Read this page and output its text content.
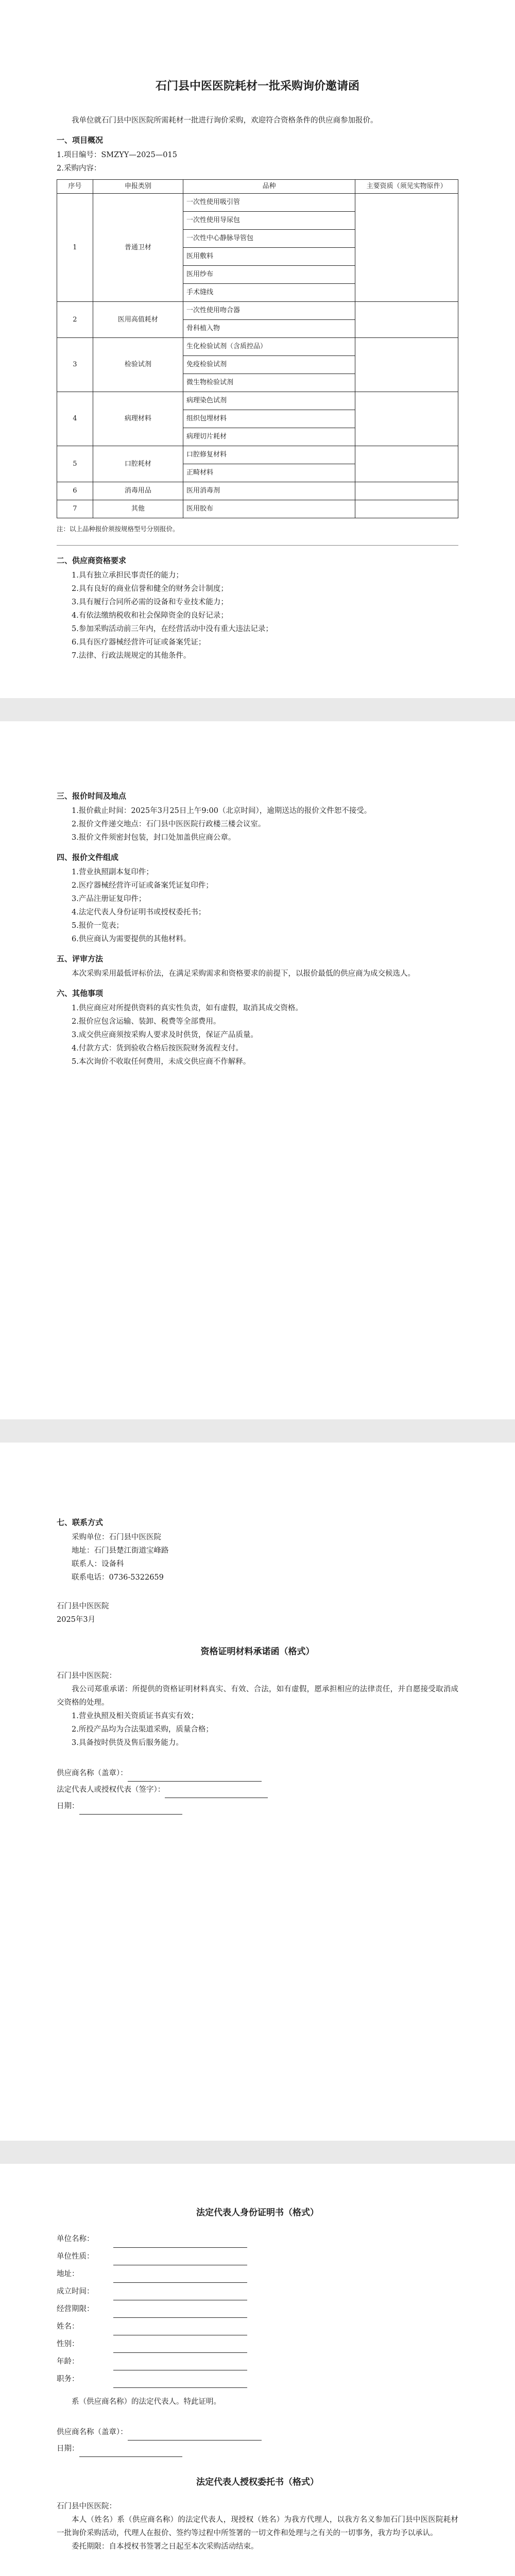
石门县中医医院耗材一批采购询价邀请函

我单位就石门县中医医院所需耗材一批进行询价采购，欢迎符合资格条件的供应商参加报价。

一、项目概况

1.项目编号：SMZYY—2025—015

2.采购内容：

序号	申报类别	品种	主要资质（须见实物原件）
1	普通卫材	一次性使用吸引管	
		一次性使用导尿包	
		一次性中心静脉导管包	
		医用敷料	
		医用纱布	
		手术缝线	
2	医用高值耗材	一次性使用吻合器	
		骨科植入物	
3	检验试剂	生化检验试剂（含质控品）	
		免疫检验试剂	
		微生物检验试剂	
4	病理材料	病理染色试剂	
		组织包埋材料	
		病理切片耗材	
5	口腔耗材	口腔修复材料	
		正畸材料	
6	消毒用品	医用消毒剂	
7	其他	医用胶布	

注：以上品种报价须按规格型号分别报价。

二、供应商资格要求

1.具有独立承担民事责任的能力；

2.具有良好的商业信誉和健全的财务会计制度；

3.具有履行合同所必需的设备和专业技术能力；

4.有依法缴纳税收和社会保障资金的良好记录；

5.参加采购活动前三年内，在经营活动中没有重大违法记录；

6.具有医疗器械经营许可证或备案凭证；

7.法律、行政法规规定的其他条件。

三、报价时间及地点

1.报价截止时间：2025年3月25日上午9:00（北京时间），逾期送达的报价文件恕不接受。

2.报价文件递交地点：石门县中医医院行政楼三楼会议室。

3.报价文件须密封包装，封口处加盖供应商公章。

四、报价文件组成

1.营业执照副本复印件；

2.医疗器械经营许可证或备案凭证复印件；

3.产品注册证复印件；

4.法定代表人身份证明书或授权委托书；

5.报价一览表；

6.供应商认为需要提供的其他材料。

五、评审方法

本次采购采用最低评标价法，在满足采购需求和资格要求的前提下，以报价最低的供应商为成交候选人。

六、其他事项

1.供应商应对所提供资料的真实性负责，如有虚假，取消其成交资格。

2.报价应包含运输、装卸、税费等全部费用。

3.成交供应商须按采购人要求及时供货，保证产品质量。

4.付款方式：货到验收合格后按医院财务流程支付。

5.本次询价不收取任何费用，未成交供应商不作解释。

七、联系方式

采购单位：石门县中医医院

地址：石门县楚江街道宝峰路

联系人：设备科

联系电话：0736-5322659

石门县中医医院

2025年3月

资格证明材料承诺函（格式）

石门县中医医院：

我公司郑重承诺：所提供的资格证明材料真实、有效、合法，如有虚假，愿承担相应的法律责任，并自愿接受取消成交资格的处理。

1.营业执照及相关资质证书真实有效；

2.所投产品均为合法渠道采购，质量合格；

3.具备按时供货及售后服务能力。

供应商名称（盖章）：

法定代表人或授权代表（签字）：

日期：

法定代表人身份证明书（格式）
单位名称：
单位性质：
地址：
成立时间：
经营期限：
姓名：
性别：
年龄：
职务：

系（供应商名称）的法定代表人。特此证明。

供应商名称（盖章）：

日期：

法定代表人授权委托书（格式）

石门县中医医院：

本人（姓名）系（供应商名称）的法定代表人，现授权（姓名）为我方代理人，以我方名义参加石门县中医医院耗材一批询价采购活动，代理人在报价、签约等过程中所签署的一切文件和处理与之有关的一切事务，我方均予以承认。

委托期限：自本授权书签署之日起至本次采购活动结束。
